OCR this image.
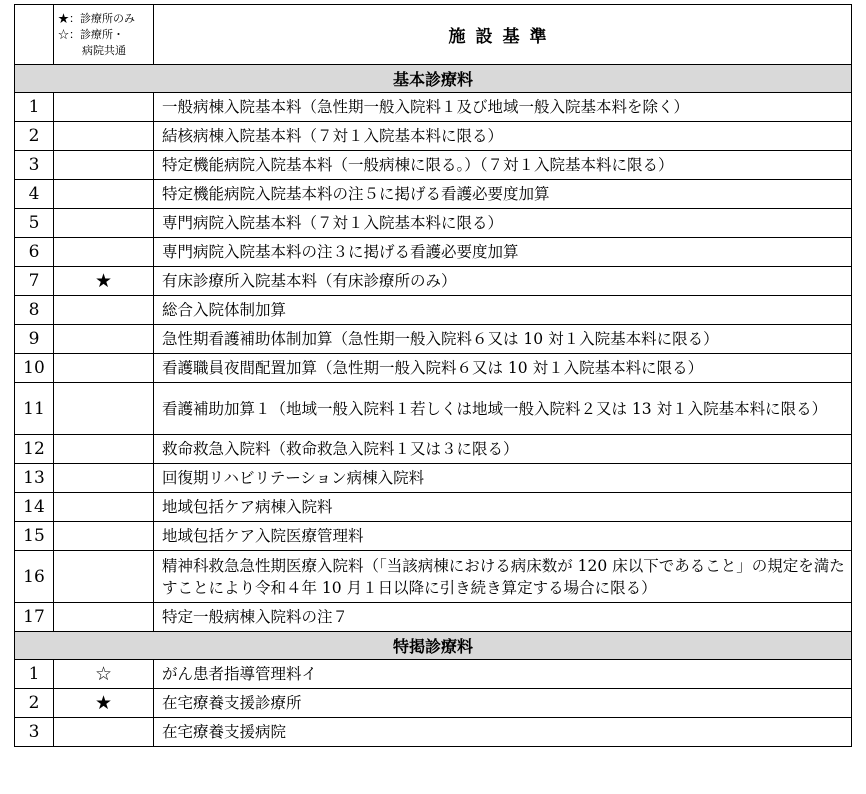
	★：診療所のみ
☆：診療所・
病院共通	施設基準
基本診療料		
1		一般病棟入院基本料（急性期一般入院料１及び地域一般入院基本料を除く）
2		結核病棟入院基本料（７対１入院基本料に限る）
3		特定機能病院入院基本料（一般病棟に限る。）（７対１入院基本料に限る）
4		特定機能病院入院基本料の注５に掲げる看護必要度加算
5		専門病院入院基本料（７対１入院基本料に限る）
6		専門病院入院基本料の注３に掲げる看護必要度加算
7	★	有床診療所入院基本料（有床診療所のみ）
8		総合入院体制加算
9		急性期看護補助体制加算（急性期一般入院料６又は 10 対１入院基本料に限る）
10		看護職員夜間配置加算（急性期一般入院料６又は 10 対１入院基本料に限る）
11		看護補助加算１（地域一般入院料１若しくは地域一般入院料２又は 13 対１入院基本料に限る）
12		救命救急入院料（救命救急入院料１又は３に限る）
13		回復期リハビリテーション病棟入院料
14		地域包括ケア病棟入院料
15		地域包括ケア入院医療管理料
16		精神科救急急性期医療入院料（「当該病棟における病床数が 120 床以下であること」の規定を満たすことにより令和４年 10 月１日以降に引き続き算定する場合に限る）
17		特定一般病棟入院料の注７
特掲診療料		
1	☆	がん患者指導管理料イ
2	★	在宅療養支援診療所
3		在宅療養支援病院
